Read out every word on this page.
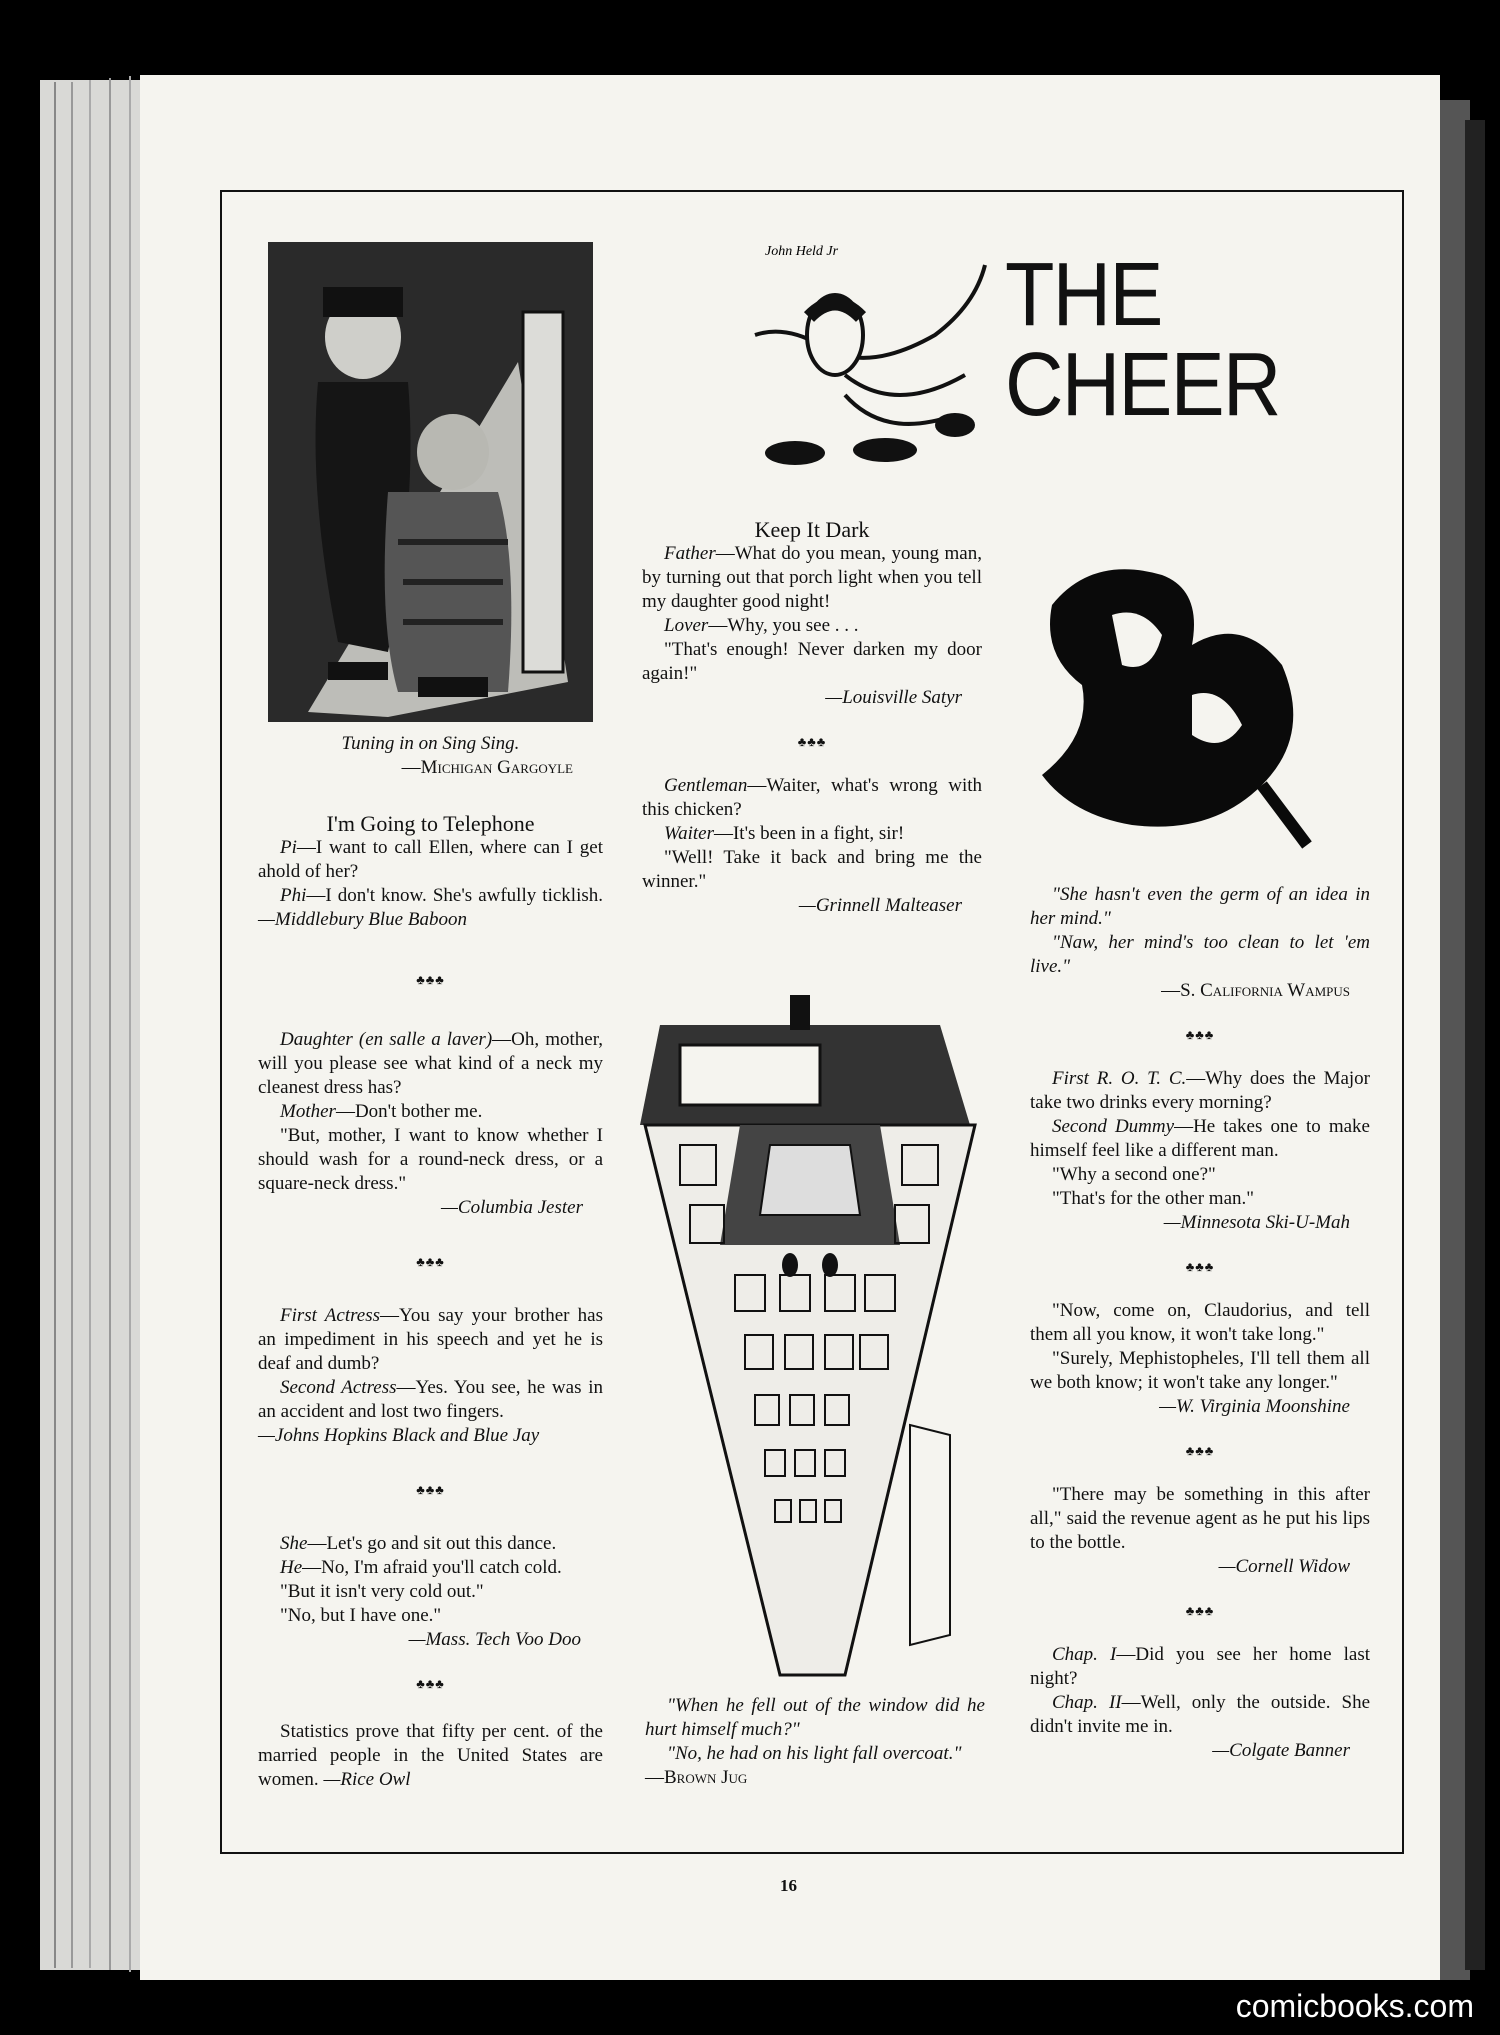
Tuning in on Sing Sing.

—Michigan Gargoyle

I'm Going to Telephone

Pi—I want to call Ellen, where can I get ahold of her?

Phi—I don't know. She's awfully ticklish. —Middlebury Blue Baboon

♣♣♣

Daughter (en salle a laver)—Oh, mother, will you please see what kind of a neck my cleanest dress has?

Mother—Don't bother me.

"But, mother, I want to know whether I should wash for a round-neck dress, or a square-neck dress."

—Columbia Jester

♣♣♣

First Actress—You say your brother has an impediment in his speech and yet he is deaf and dumb?

Second Actress—Yes. You see, he was in an accident and lost two fingers.

—Johns Hopkins Black and Blue Jay

♣♣♣

She—Let's go and sit out this dance.

He—No, I'm afraid you'll catch cold.

"But it isn't very cold out."

"No, but I have one."

—Mass. Tech Voo Doo

♣♣♣

Statistics prove that fifty per cent. of the married people in the United States are women. —Rice Owl

John Held Jr THE CHEER

Keep It Dark

Father—What do you mean, young man, by turning out that porch light when you tell my daughter good night!

Lover—Why, you see . . .

"That's enough! Never darken my door again!"

—Louisville Satyr

♣♣♣

Gentleman—Waiter, what's wrong with this chicken?

Waiter—It's been in a fight, sir!

"Well! Take it back and bring me the winner."

—Grinnell Malteaser

"When he fell out of the window did he hurt himself much?"

"No, he had on his light fall overcoat." —Brown Jug

"She hasn't even the germ of an idea in her mind."

"Naw, her mind's too clean to let 'em live."

—S. California Wampus

♣♣♣

First R. O. T. C.—Why does the Major take two drinks every morning?

Second Dummy—He takes one to make himself feel like a different man.

"Why a second one?"

"That's for the other man."

—Minnesota Ski-U-Mah

♣♣♣

"Now, come on, Claudorius, and tell them all you know, it won't take long."

"Surely, Mephistopheles, I'll tell them all we both know; it won't take any longer."

—W. Virginia Moonshine

♣♣♣

"There may be something in this after all," said the revenue agent as he put his lips to the bottle.

—Cornell Widow

♣♣♣

Chap. I—Did you see her home last night?

Chap. II—Well, only the outside. She didn't invite me in.

—Colgate Banner

16
comicbooks.com
